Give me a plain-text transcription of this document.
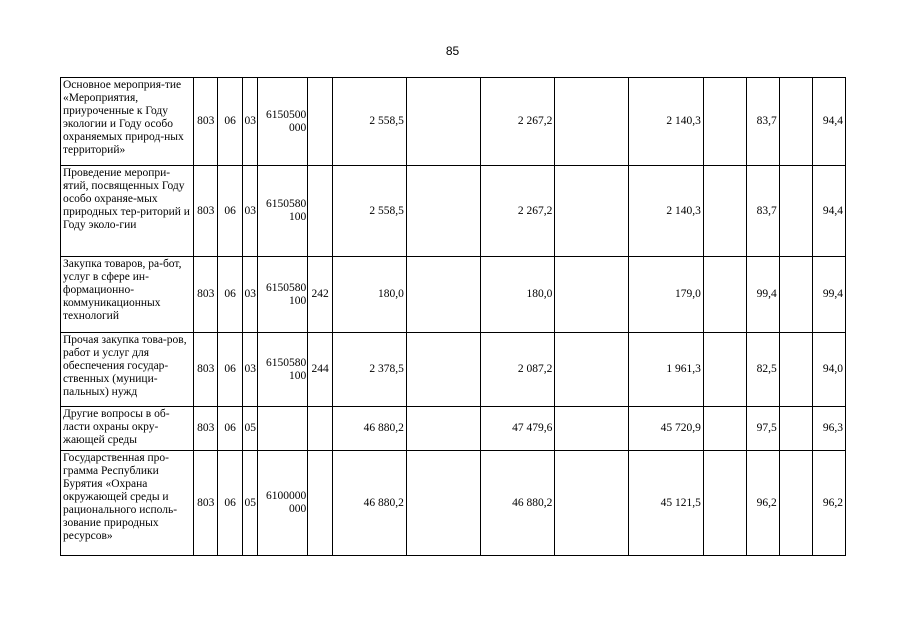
85
Основное мероприя-тие «Мероприятия, приуроченные к Году экологии и Году особо охраняемых природ-ных территорий»	803	06	03	6150500 000		2 558,5		2 267,2		2 140,3		83,7		94,4
Проведение меропри-ятий, посвященных Году особо охраняе-мых природных тер-риторий и Году эколо-гии	803	06	03	6150580 100		2 558,5		2 267,2		2 140,3		83,7		94,4
Закупка товаров, ра-бот, услуг в сфере ин-формационно-коммуникационных технологий	803	06	03	6150580 100	242	180,0		180,0		179,0		99,4		99,4
Прочая закупка това-ров, работ и услуг для обеспечения государ-ственных (муници-пальных) нужд	803	06	03	6150580 100	244	2 378,5		2 087,2		1 961,3		82,5		94,0
Другие вопросы в об-ласти охраны окру-жающей среды	803	06	05			46 880,2		47 479,6		45 720,9		97,5		96,3
Государственная про-грамма Республики Бурятия «Охрана окружающей среды и рационального исполь-зование природных ресурсов»	803	06	05	6100000 000		46 880,2		46 880,2		45 121,5		96,2		96,2
